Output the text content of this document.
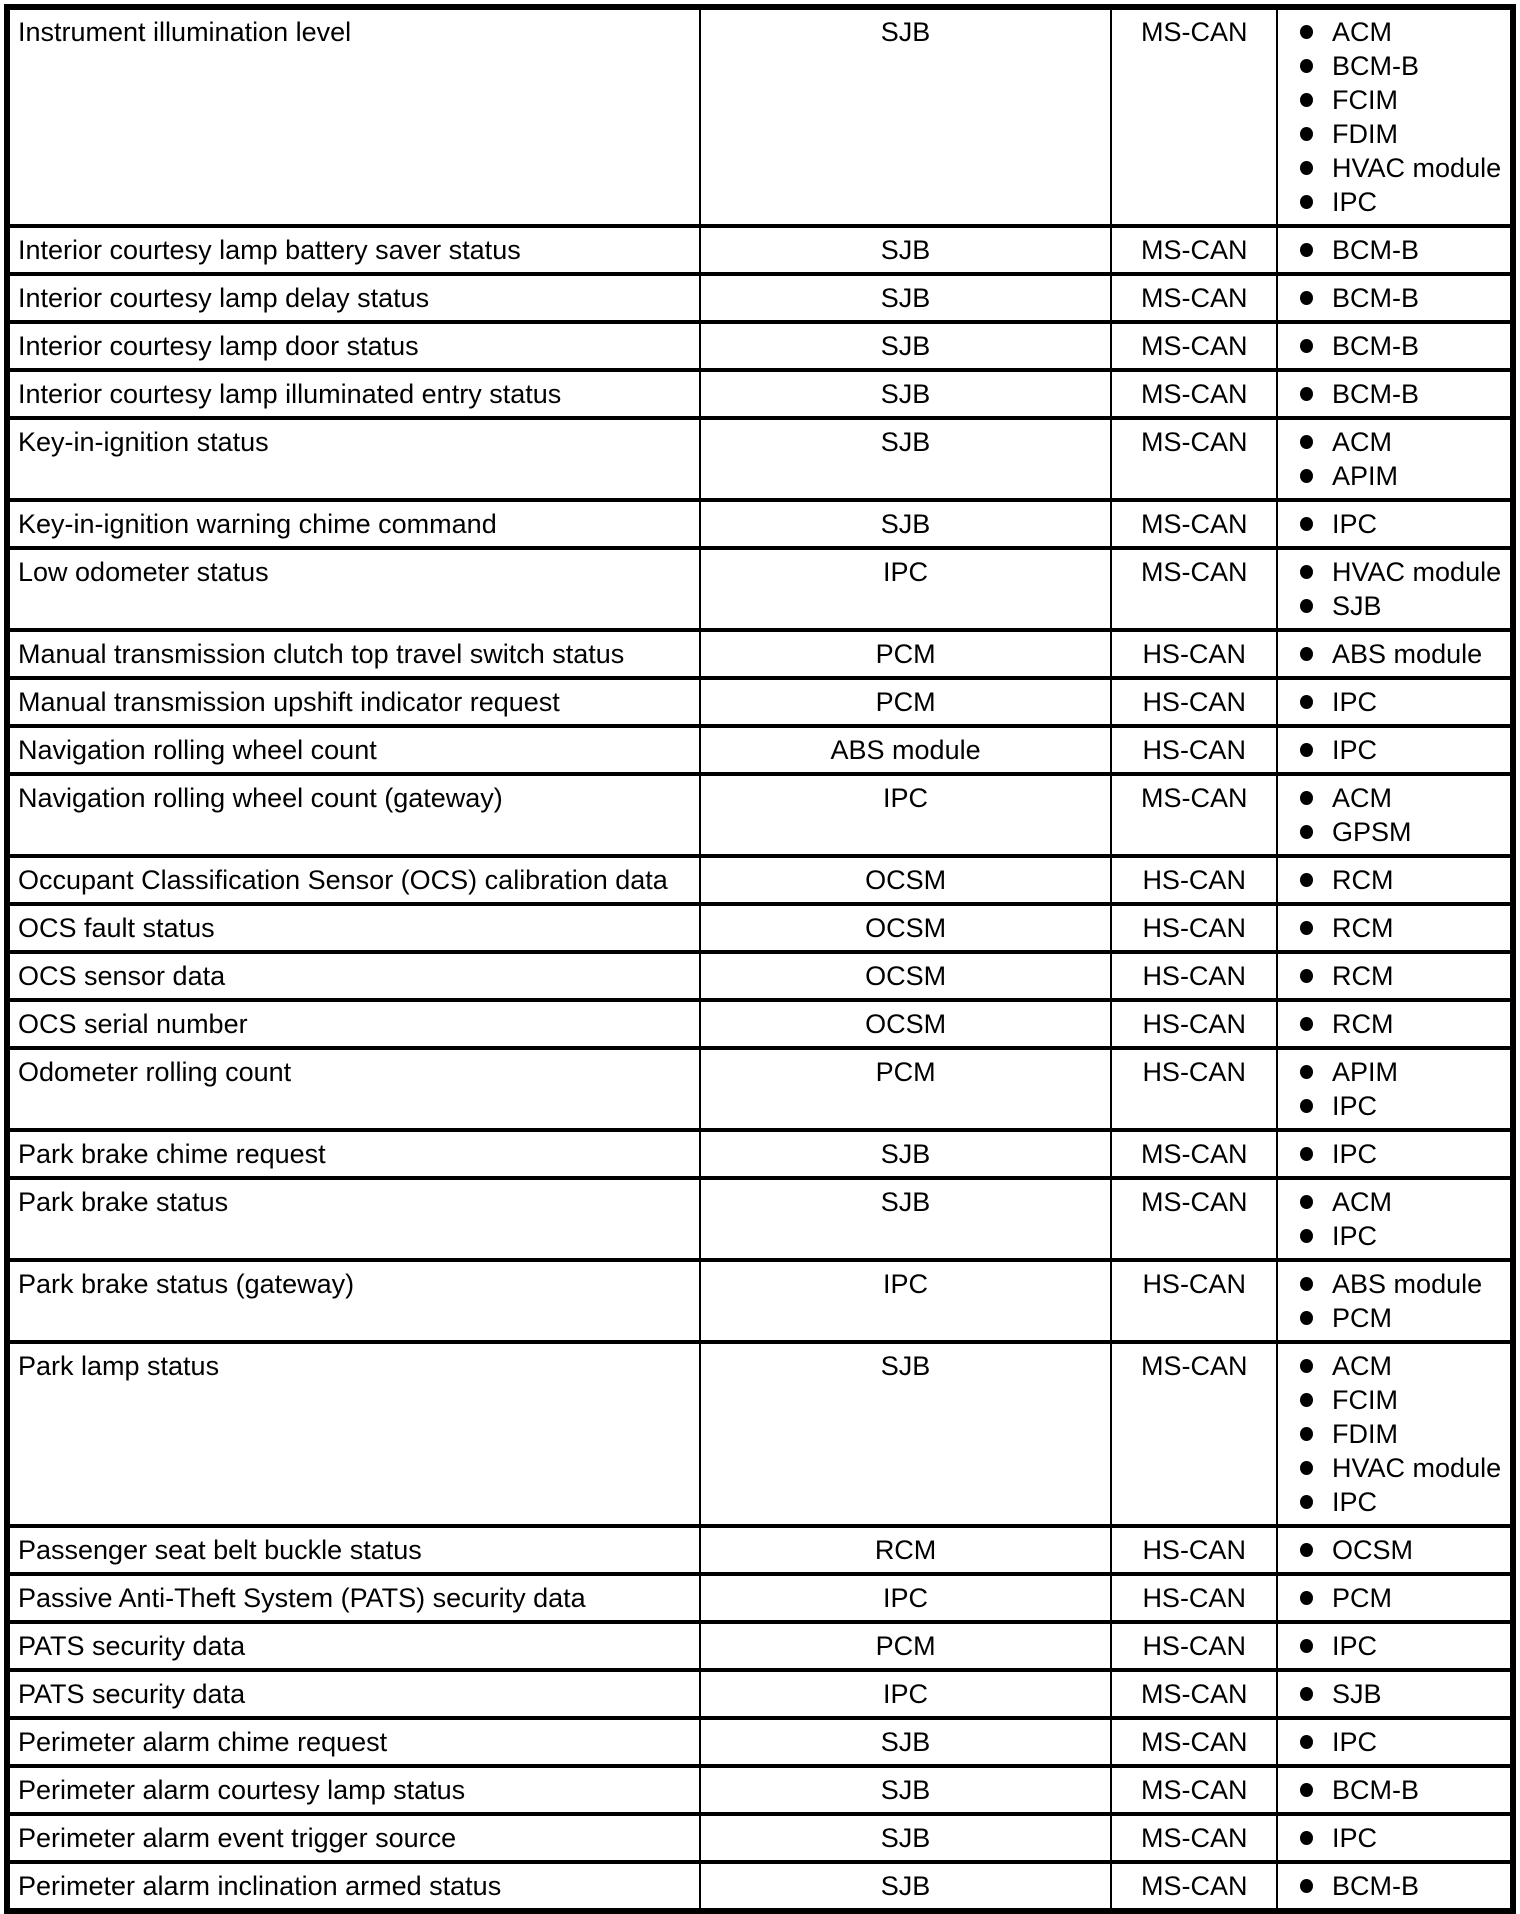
Instrument illumination level	SJB	MS-CAN	ACM
BCM-B
FCIM
FDIM
HVAC module
IPC

Interior courtesy lamp battery saver status	SJB	MS-CAN	BCM-B

Interior courtesy lamp delay status	SJB	MS-CAN	BCM-B

Interior courtesy lamp door status	SJB	MS-CAN	BCM-B

Interior courtesy lamp illuminated entry status	SJB	MS-CAN	BCM-B

Key-in-ignition status	SJB	MS-CAN	ACM
APIM

Key-in-ignition warning chime command	SJB	MS-CAN	IPC

Low odometer status	IPC	MS-CAN	HVAC module
SJB

Manual transmission clutch top travel switch status	PCM	HS-CAN	ABS module

Manual transmission upshift indicator request	PCM	HS-CAN	IPC

Navigation rolling wheel count	ABS module	HS-CAN	IPC

Navigation rolling wheel count (gateway)	IPC	MS-CAN	ACM
GPSM

Occupant Classification Sensor (OCS) calibration data	OCSM	HS-CAN	RCM

OCS fault status	OCSM	HS-CAN	RCM

OCS sensor data	OCSM	HS-CAN	RCM

OCS serial number	OCSM	HS-CAN	RCM

Odometer rolling count	PCM	HS-CAN	APIM
IPC

Park brake chime request	SJB	MS-CAN	IPC

Park brake status	SJB	MS-CAN	ACM
IPC

Park brake status (gateway)	IPC	HS-CAN	ABS module
PCM

Park lamp status	SJB	MS-CAN	ACM
FCIM
FDIM
HVAC module
IPC

Passenger seat belt buckle status	RCM	HS-CAN	OCSM

Passive Anti-Theft System (PATS) security data	IPC	HS-CAN	PCM

PATS security data	PCM	HS-CAN	IPC

PATS security data	IPC	MS-CAN	SJB

Perimeter alarm chime request	SJB	MS-CAN	IPC

Perimeter alarm courtesy lamp status	SJB	MS-CAN	BCM-B

Perimeter alarm event trigger source	SJB	MS-CAN	IPC

Perimeter alarm inclination armed status	SJB	MS-CAN	BCM-B
